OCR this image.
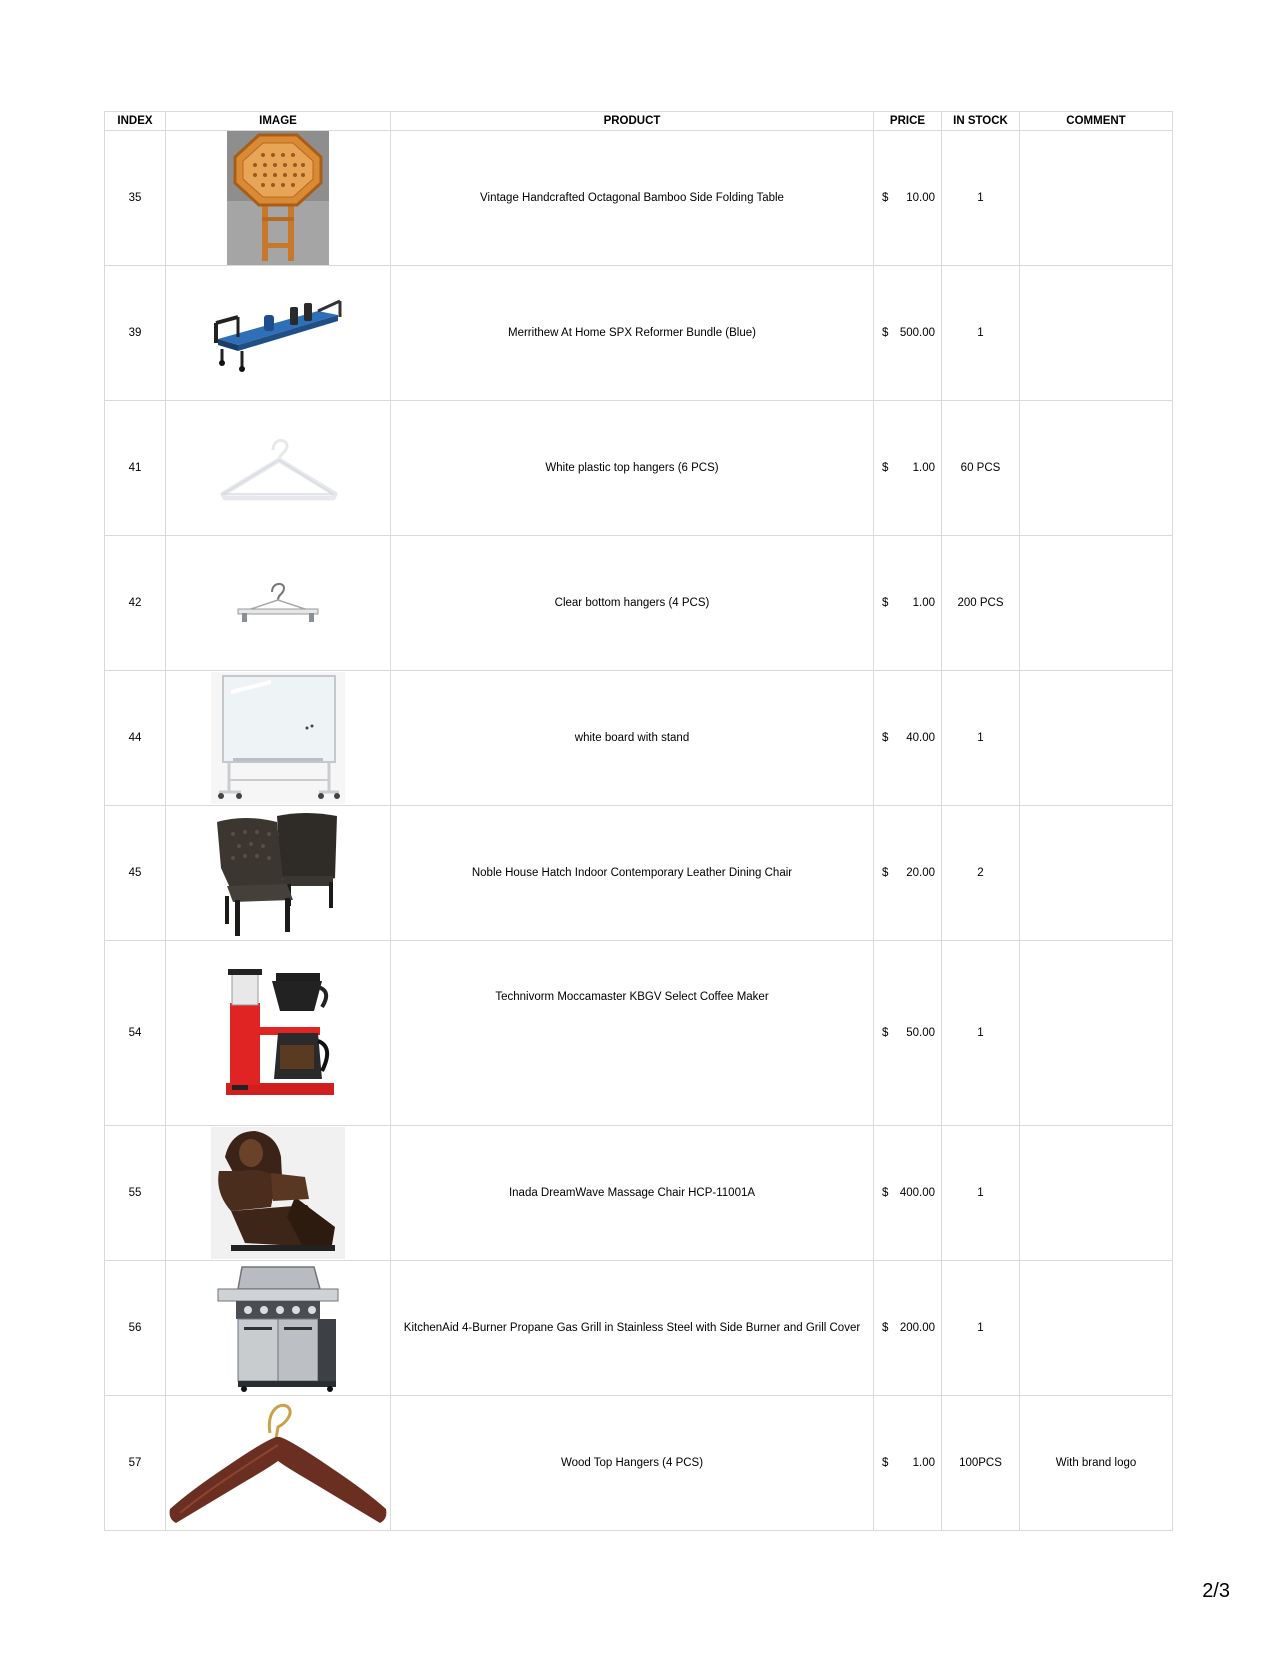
INDEX	IMAGE	PRODUCT	PRICE	IN STOCK	COMMENT
35		Vintage Handcrafted Octagonal Bamboo Side Folding Table	$ 10.00	1	
39		Merrithew At Home SPX Reformer Bundle (Blue)	$ 500.00	1	
41		White plastic top hangers (6 PCS)	$ 1.00	60 PCS	
42		Clear bottom hangers (4 PCS)	$ 1.00	200 PCS	
44		white board with stand	$ 40.00	1	
45		Noble House Hatch Indoor Contemporary Leather Dining Chair	$ 20.00	2	
54		Technivorm Moccamaster KBGV Select Coffee Maker	$ 50.00	1	
55		Inada DreamWave Massage Chair HCP-11001A	$ 400.00	1	
56		KitchenAid 4-Burner Propane Gas Grill in Stainless Steel with Side Burner and Grill Cover	$ 200.00	1	
57		Wood Top Hangers (4 PCS)	$ 1.00	100PCS	With brand logo
2/3
